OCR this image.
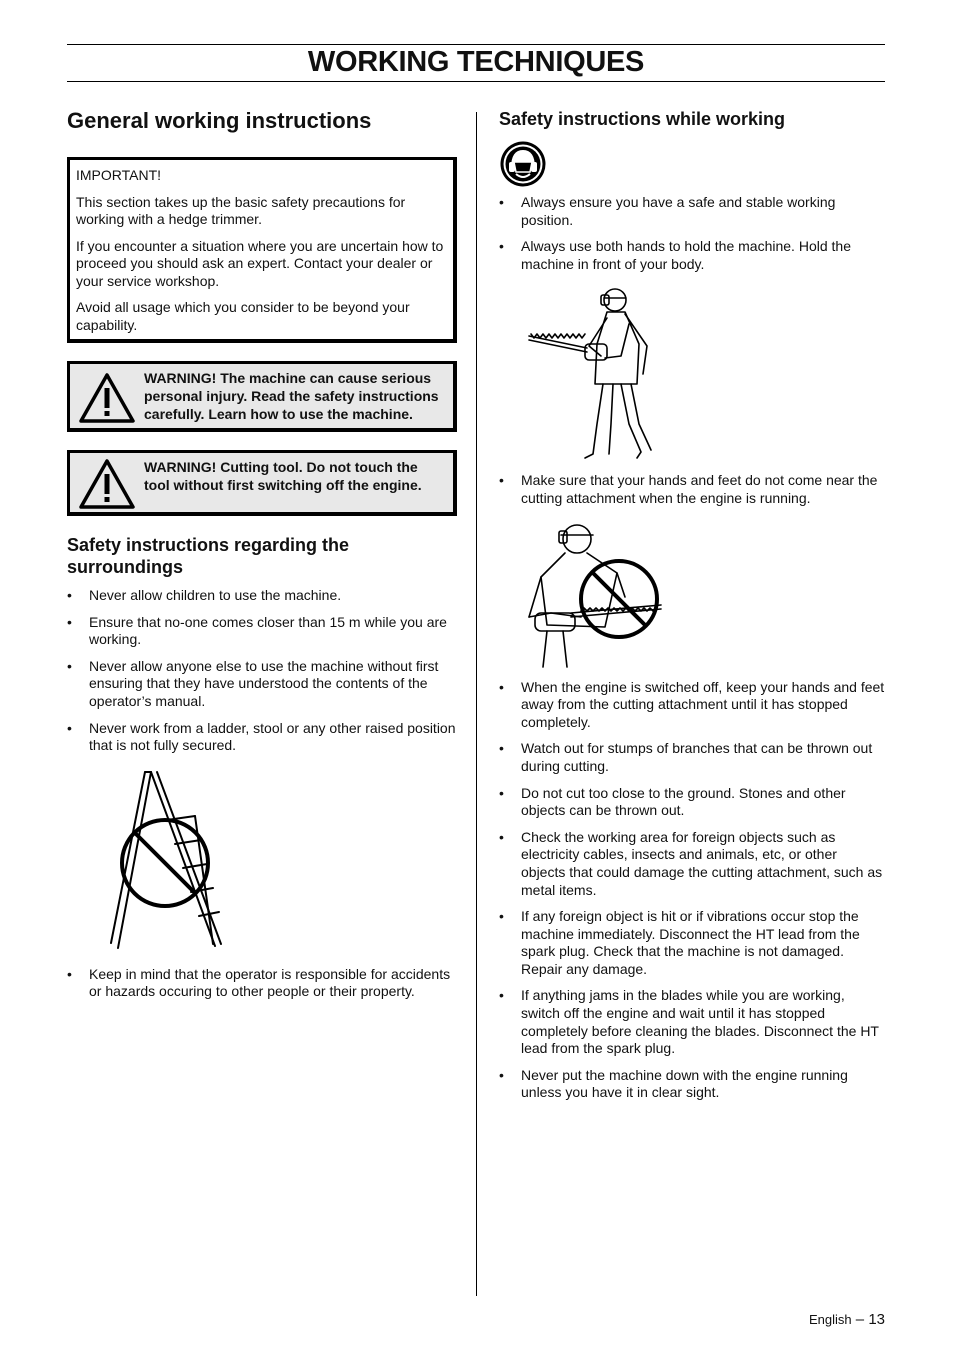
WORKING TECHNIQUES
General working instructions

IMPORTANT!

This section takes up the basic safety precautions for working with a hedge trimmer.

If you encounter a situation where you are uncertain how to proceed you should ask an expert. Contact your dealer or your service workshop.

Avoid all usage which you consider to be beyond your capability.

WARNING! The machine can cause serious personal injury. Read the safety instructions carefully. Learn how to use the machine.
WARNING! Cutting tool. Do not touch the tool without first switching off the engine.
Safety instructions regarding the surroundings
• Never allow children to use the machine.
• Ensure that no-one comes closer than 15 m while you are working.
• Never allow anyone else to use the machine without first ensuring that they have understood the contents of the operator’s manual.
• Never work from a ladder, stool or any other raised position that is not fully secured.
• Keep in mind that the operator is responsible for accidents or hazards occuring to other people or their property.
Safety instructions while working
• Always ensure you have a safe and stable working position.
• Always use both hands to hold the machine. Hold the machine in front of your body.
• Make sure that your hands and feet do not come near the cutting attachment when the engine is running.
• When the engine is switched off, keep your hands and feet away from the cutting attachment until it has stopped completely.
• Watch out for stumps of branches that can be thrown out during cutting.
• Do not cut too close to the ground. Stones and other objects can be thrown out.
• Check the working area for foreign objects such as electricity cables, insects and animals, etc, or other objects that could damage the cutting attachment, such as metal items.
• If any foreign object is hit or if vibrations occur stop the machine immediately. Disconnect the HT lead from the spark plug. Check that the machine is not damaged. Repair any damage.
• If anything jams in the blades while you are working, switch off the engine and wait until it has stopped completely before cleaning the blades. Disconnect the HT lead from the spark plug.
• Never put the machine down with the engine running unless you have it in clear sight.
English – 13
